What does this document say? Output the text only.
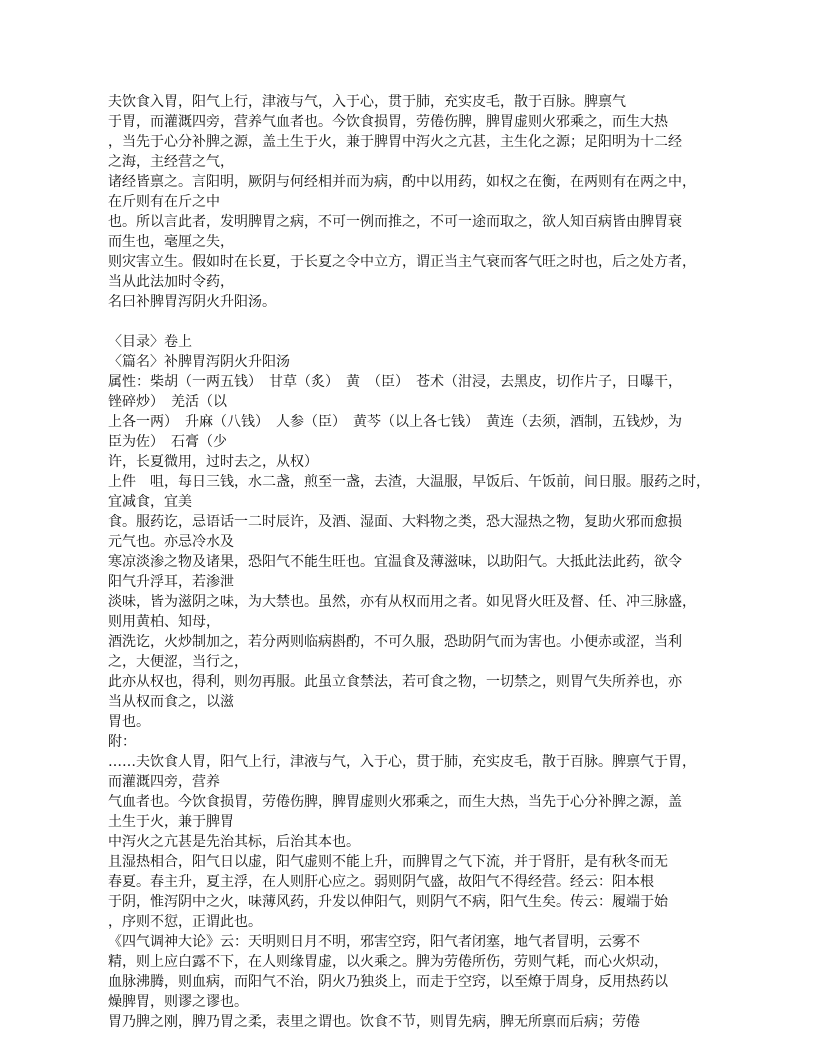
夫饮食入胃，阳气上行，津液与气，入于心，贯于肺，充实皮毛，散于百脉。脾禀气
于胃，而灌溉四旁，营养气血者也。今饮食损胃，劳倦伤脾，脾胃虚则火邪乘之，而生大热
，当先于心分补脾之源，盖土生于火，兼于脾胃中泻火之亢甚，主生化之源；足阳明为十二经
之海，主经营之气，
诸经皆禀之。言阳明，厥阴与何经相并而为病，酌中以用药，如权之在衡，在两则有在两之中，
在斤则有在斤之中
也。所以言此者，发明脾胃之病，不可一例而推之，不可一途而取之，欲人知百病皆由脾胃衰
而生也，毫厘之失，
则灾害立生。假如时在长夏，于长夏之令中立方，谓正当主气衰而客气旺之时也，后之处方者，
当从此法加时令药，
名曰补脾胃泻阴火升阳汤。
〈目录〉卷上
〈篇名〉补脾胃泻阴火升阳汤
属性：柴胡（一两五钱）　甘草（炙）　黄　（臣）　苍术（泔浸，去黑皮，切作片子，日曝干，
锉碎炒）　羌活（以
上各一两）　升麻（八钱）　人参（臣）　黄芩（以上各七钱）　黄连（去须，酒制，五钱炒，为
臣为佐）　石膏（少
许，长夏微用，过时去之，从权）
上件　咀，每日三钱，水二盏，煎至一盏，去渣，大温服，早饭后、午饭前，间日服。服药之时，
宜减食，宜美
食。服药讫，忌语话一二时辰许，及酒、湿面、大料物之类，恐大湿热之物，复助火邪而愈损
元气也。亦忌冷水及
寒凉淡渗之物及诸果，恐阳气不能生旺也。宜温食及薄滋味，以助阳气。大抵此法此药，欲令
阳气升浮耳，若渗泄
淡味，皆为滋阴之味，为大禁也。虽然，亦有从权而用之者。如见肾火旺及督、任、冲三脉盛，
则用黄柏、知母，
酒洗讫，火炒制加之，若分两则临病斟酌，不可久服，恐助阴气而为害也。小便赤或涩，当利
之，大便涩，当行之，
此亦从权也，得利，则勿再服。此虽立食禁法，若可食之物，一切禁之，则胃气失所养也，亦
当从权而食之，以滋
胃也。
附：
……夫饮食人胃，阳气上行，津液与气，入于心，贯于肺，充实皮毛，散于百脉。脾禀气于胃，
而灌溉四旁，营养
气血者也。今饮食损胃，劳倦伤脾，脾胃虚则火邪乘之，而生大热，当先于心分补脾之源，盖
土生于火，兼于脾胃
中泻火之亢甚是先治其标，后治其本也。
且湿热相合，阳气日以虚，阳气虚则不能上升，而脾胃之气下流，并于肾肝，是有秋冬而无
春夏。春主升，夏主浮，在人则肝心应之。弱则阴气盛，故阳气不得经营。经云：阳本根
于阴，惟泻阴中之火，味薄风药，升发以伸阳气，则阴气不病，阳气生矣。传云：履端于始
，序则不愆，正谓此也。
《四气调神大论》云：天明则日月不明，邪害空窍，阳气者闭塞，地气者冒明，云雾不
精，则上应白露不下，在人则缘胃虚，以火乘之。脾为劳倦所伤，劳则气耗，而心火炽动，
血脉沸腾，则血病，而阳气不治，阴火乃独炎上，而走于空窍，以至燎于周身，反用热药以
燥脾胃，则谬之谬也。
胃乃脾之刚，脾乃胃之柔，表里之谓也。饮食不节，则胃先病，脾无所禀而后病；劳倦
